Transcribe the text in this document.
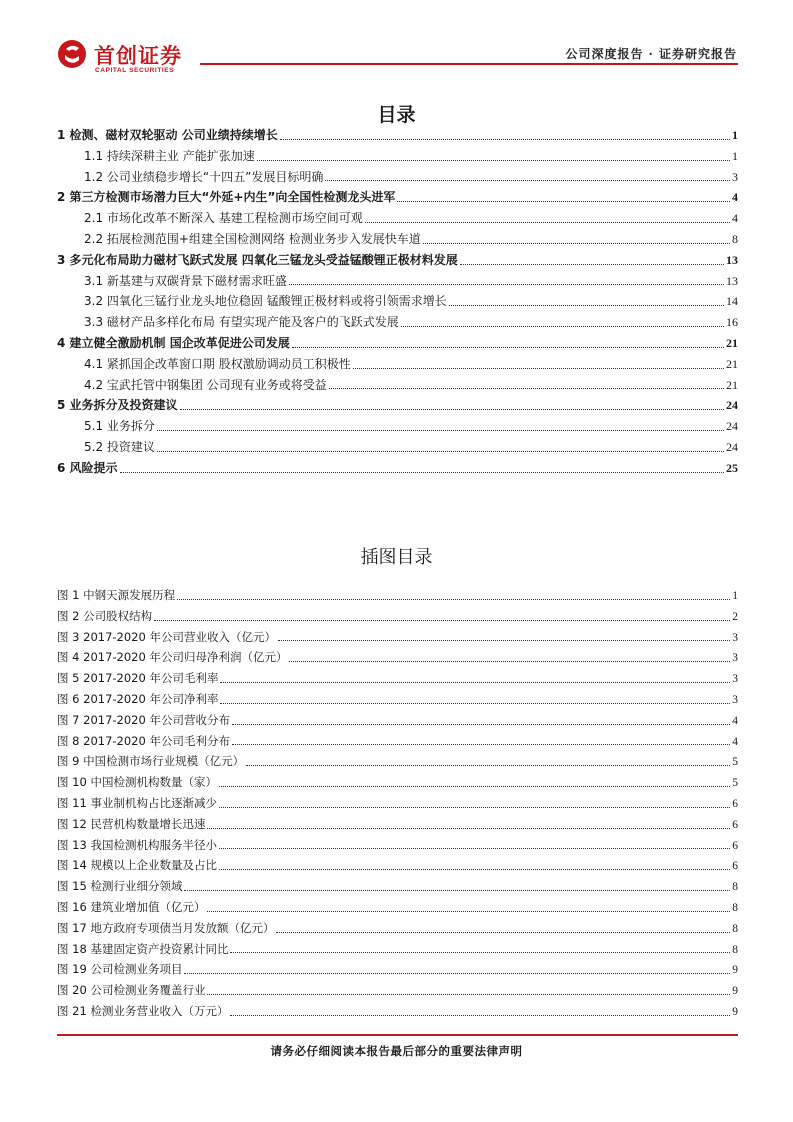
首创证券
CAPITAL SECURITIES
公司深度报告 · 证券研究报告
目录
1 检测、磁材双轮驱动 公司业绩持续增长	1
1.1 持续深耕主业 产能扩张加速	1
1.2 公司业绩稳步增长“十四五”发展目标明确	3
2 第三方检测市场潜力巨大“外延+内生”向全国性检测龙头进军	4
2.1 市场化改革不断深入 基建工程检测市场空间可观	4
2.2 拓展检测范围+组建全国检测网络 检测业务步入发展快车道	8
3 多元化布局助力磁材飞跃式发展 四氧化三锰龙头受益锰酸锂正极材料发展	13
3.1 新基建与双碳背景下磁材需求旺盛	13
3.2 四氧化三锰行业龙头地位稳固 锰酸锂正极材料或将引领需求增长	14
3.3 磁材产品多样化布局 有望实现产能及客户的飞跃式发展	16
4 建立健全激励机制 国企改革促进公司发展	21
4.1 紧抓国企改革窗口期 股权激励调动员工积极性	21
4.2 宝武托管中钢集团 公司现有业务或将受益	21
5 业务拆分及投资建议	24
5.1 业务拆分	24
5.2 投资建议	24
6 风险提示	25
插图目录
图 1 中钢天源发展历程	1
图 2 公司股权结构	2
图 3 2017-2020 年公司营业收入（亿元）	3
图 4 2017-2020 年公司归母净利润（亿元）	3
图 5 2017-2020 年公司毛利率	3
图 6 2017-2020 年公司净利率	3
图 7 2017-2020 年公司营收分布	4
图 8 2017-2020 年公司毛利分布	4
图 9 中国检测市场行业规模（亿元）	5
图 10 中国检测机构数量（家）	5
图 11 事业制机构占比逐渐减少	6
图 12 民营机构数量增长迅速	6
图 13 我国检测机构服务半径小	6
图 14 规模以上企业数量及占比	6
图 15 检测行业细分领域	8
图 16 建筑业增加值（亿元）	8
图 17 地方政府专项债当月发放额（亿元）	8
图 18 基建固定资产投资累计同比	8
图 19 公司检测业务项目	9
图 20 公司检测业务覆盖行业	9
图 21 检测业务营业收入（万元）	9
请务必仔细阅读本报告最后部分的重要法律声明
